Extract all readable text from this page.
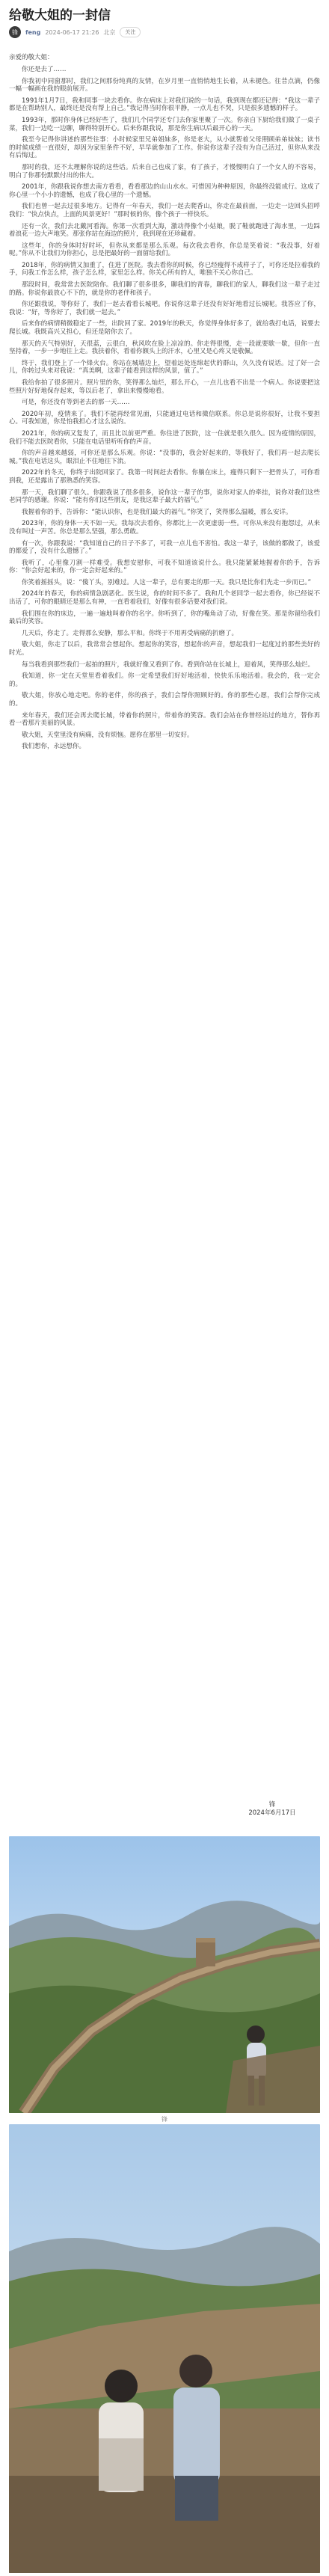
给敬大姐的一封信
锋	feng 2024-06-17 21:26 北京	关注
亲爱的敬大姐：

你还是去了……

你我初中同窗那时，我们之间那份纯真的友情，在岁月里一直悄悄地生长着，从未褪色。往昔点滴，仍像一幅一幅画在我的眼前展开。

1991年1月7日，我和同事一块去看你。你在病床上对我们说的一句话，我到现在都还记得：“我这一辈子都是在帮助别人，最终还是没有帮上自己。”我记得当时你很平静，一点儿也不哭，只是很多遗憾的样子。

1993年，那时你身体已经好些了，我们几个同学还专门去你家里聚了一次。你亲自下厨给我们做了一桌子菜，我们一边吃一边聊，聊得特别开心。后来你跟我说，那是你生病以后最开心的一天。

我至今记得你讲述的那些往事：小时候家里兄弟姐妹多，你是老大，从小就帮着父母照顾弟弟妹妹；读书的时候成绩一直很好，却因为家里条件不好，早早就参加了工作。你说你这辈子没有为自己活过，但你从来没有后悔过。

那时的我，还不太理解你说的这些话。后来自己也成了家，有了孩子，才慢慢明白了一个女人的不容易，明白了你那份默默付出的伟大。

2001年，你跟我说你想去南方看看，看看那边的山山水水。可惜因为种种原因，你最终没能成行。这成了你心里一个小小的遗憾，也成了我心里的一个遗憾。

我们也曾一起去过很多地方。记得有一年春天，我们一起去爬香山，你走在最前面，一边走一边回头招呼我们：“快点快点，上面的风景更好！”那时候的你，像个孩子一样快乐。

还有一次，我们去北戴河看海。你第一次看到大海，激动得像个小姑娘，脱了鞋就跑进了海水里，一边踩着浪花一边大声地笑。那张你站在海边的照片，我到现在还珍藏着。

这些年，你的身体时好时坏，但你从来都是那么乐观。每次我去看你，你总是笑着说：“我没事，好着呢。”你从不让我们为你担心，总是把最好的一面留给我们。

2018年，你的病情又加重了，住进了医院。我去看你的时候，你已经瘦得不成样子了，可你还是拉着我的手，问我工作怎么样，孩子怎么样，家里怎么样。你关心所有的人，唯独不关心你自己。

那段时间，我常常去医院陪你。我们聊了很多很多，聊我们的青春，聊我们的家人，聊我们这一辈子走过的路。你说你最放心不下的，就是你的老伴和孩子。

你还跟我说，等你好了，我们一起去看看长城吧。你说你这辈子还没有好好地看过长城呢。我答应了你，我说：“好，等你好了，我们就一起去。”

后来你的病情稍微稳定了一些，出院回了家。2019年的秋天，你觉得身体好多了，就给我打电话，说要去爬长城。我既高兴又担心，但还是陪你去了。

那天的天气特别好，天很蓝，云很白，秋风吹在脸上凉凉的。你走得很慢，走一段就要歇一歇，但你一直坚持着，一步一步地往上走。我扶着你，看着你额头上的汗水，心里又是心疼又是敬佩。

终于，我们登上了一个烽火台。你站在城墙边上，望着远处连绵起伏的群山，久久没有说话。过了好一会儿，你转过头来对我说：“真美啊，这辈子能看到这样的风景，值了。”

我给你拍了很多照片。照片里的你，笑得那么灿烂，那么开心，一点儿也看不出是一个病人。你说要把这些照片好好地保存起来，等以后老了，拿出来慢慢地看。

可是，你还没有等到老去的那一天……

2020年初，疫情来了。我们不能再经常见面，只能通过电话和微信联系。你总是说你很好，让我不要担心。可我知道，你是怕我担心才这么说的。

2021年，你的病又复发了，而且比以前更严重。你住进了医院，这一住就是很久很久。因为疫情的原因，我们不能去医院看你，只能在电话里听听你的声音。

你的声音越来越弱，可你还是那么乐观。你说：“没事的，我会好起来的，等我好了，我们再一起去爬长城。”我在电话这头，眼泪止不住地往下流。

2022年的冬天，你终于出院回家了。我第一时间赶去看你。你躺在床上，瘦得只剩下一把骨头了，可你看到我，还是露出了那熟悉的笑容。

那一天，我们聊了很久。你跟我说了很多很多，说你这一辈子的事，说你对家人的牵挂，说你对我们这些老同学的感谢。你说：“能有你们这些朋友，是我这辈子最大的福气。”

我握着你的手，告诉你：“能认识你，也是我们最大的福气。”你笑了，笑得那么温暖，那么安详。

2023年，你的身体一天不如一天。我每次去看你，你都比上一次更虚弱一些。可你从来没有抱怨过，从来没有叫过一声苦。你总是那么坚强，那么勇敢。

有一次，你跟我说：“我知道自己的日子不多了，可我一点儿也不害怕。我这一辈子，该做的都做了，该爱的都爱了，没有什么遗憾了。”

我听了，心里像刀割一样难受。我想安慰你，可我不知道该说什么。我只能紧紧地握着你的手，告诉你：“你会好起来的，你一定会好起来的。”

你笑着摇摇头，说：“傻丫头，别难过。人这一辈子，总有要走的那一天。我只是比你们先走一步而已。”

2024年的春天，你的病情急剧恶化。医生说，你的时间不多了。我和几个老同学一起去看你，你已经说不出话了，可你的眼睛还是那么有神，一直看着我们，好像有很多话要对我们说。

我们围在你的床边，一遍一遍地叫着你的名字。你听到了，你的嘴角动了动，好像在笑。那是你留给我们最后的笑容。

几天后，你走了。走得那么安静，那么平和。你终于不用再受病痛的折磨了。

敬大姐，你走了以后，我常常会想起你。想起你的笑容，想起你的声音，想起我们一起度过的那些美好的时光。

每当我看到那些我们一起拍的照片，我就好像又看到了你。看到你站在长城上，迎着风，笑得那么灿烂。

我知道，你一定在天堂里看着我们。你一定希望我们好好地活着，快快乐乐地活着。我会的，我一定会的。

敬大姐，你放心地走吧。你的老伴，你的孩子，我们会帮你照顾好的。你的那些心愿，我们会帮你完成的。

来年春天，我们还会再去爬长城，带着你的照片，带着你的笑容。我们会站在你曾经站过的地方，替你再看一看那片美丽的风景。

敬大姐，天堂里没有病痛，没有烦恼。愿你在那里一切安好。

我们想你，永远想你。

锋
2024年6月17日
锋
